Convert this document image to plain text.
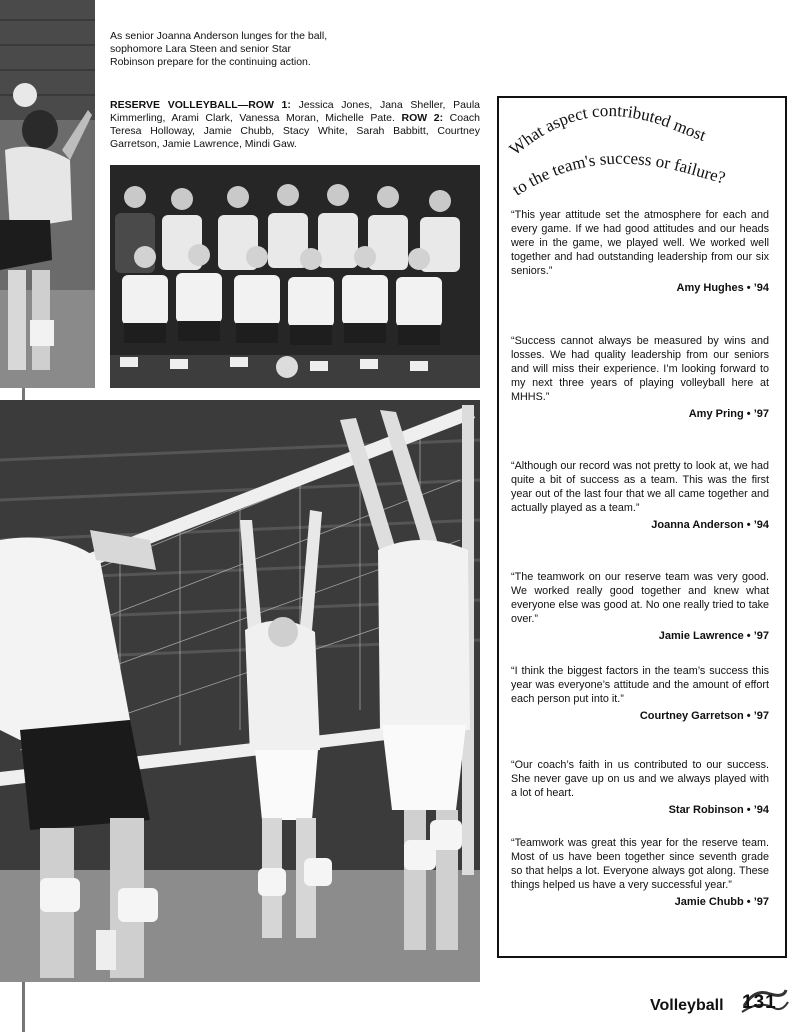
As senior Joanna Anderson lunges for the ball, sophomore Lara Steen and senior Star Robinson prepare for the continuing action.
RESERVE VOLLEYBALL—ROW 1: Jessica Jones, Jana Sheller, Paula Kimmerling, Arami Clark, Vanessa Moran, Michelle Pate. ROW 2: Coach Teresa Holloway, Jamie Chubb, Stacy White, Sarah Babbitt, Courtney Garretson, Jamie Lawrence, Mindi Gaw.	What aspect contributed most
to the team's success or failure?

“This year attitude set the atmosphere for each and every game. If we had good attitudes and our heads were in the game, we played well. We worked well together and had outstanding leadership from our six seniors.”

Amy Hughes • ’94

“Success cannot always be measured by wins and losses. We had quality leadership from our seniors and will miss their experience. I’m looking forward to my next three years of playing volleyball here at MHHS.”

Amy Pring • ’97

“Although our record was not pretty to look at, we had quite a bit of success as a team. This was the first year out of the last four that we all came together and actually played as a team.”

Joanna Anderson • ’94

“The teamwork on our reserve team was very good. We worked really good together and knew what everyone else was good at. No one really tried to take over.”

Jamie Lawrence • ’97

“I think the biggest factors in the team’s success this year was everyone’s attitude and the amount of effort each person put into it.”

Courtney Garretson • ’97

“Our coach’s faith in us contributed to our success. She never gave up on us and we always played with a lot of heart.

Star Robinson • ’94

“Teamwork was great this year for the reserve team. Most of us have been together since seventh grade so that helps a lot. Everyone always got along. These things helped us have a very successful year.”

Jamie Chubb • ’97
Volleyball 131
